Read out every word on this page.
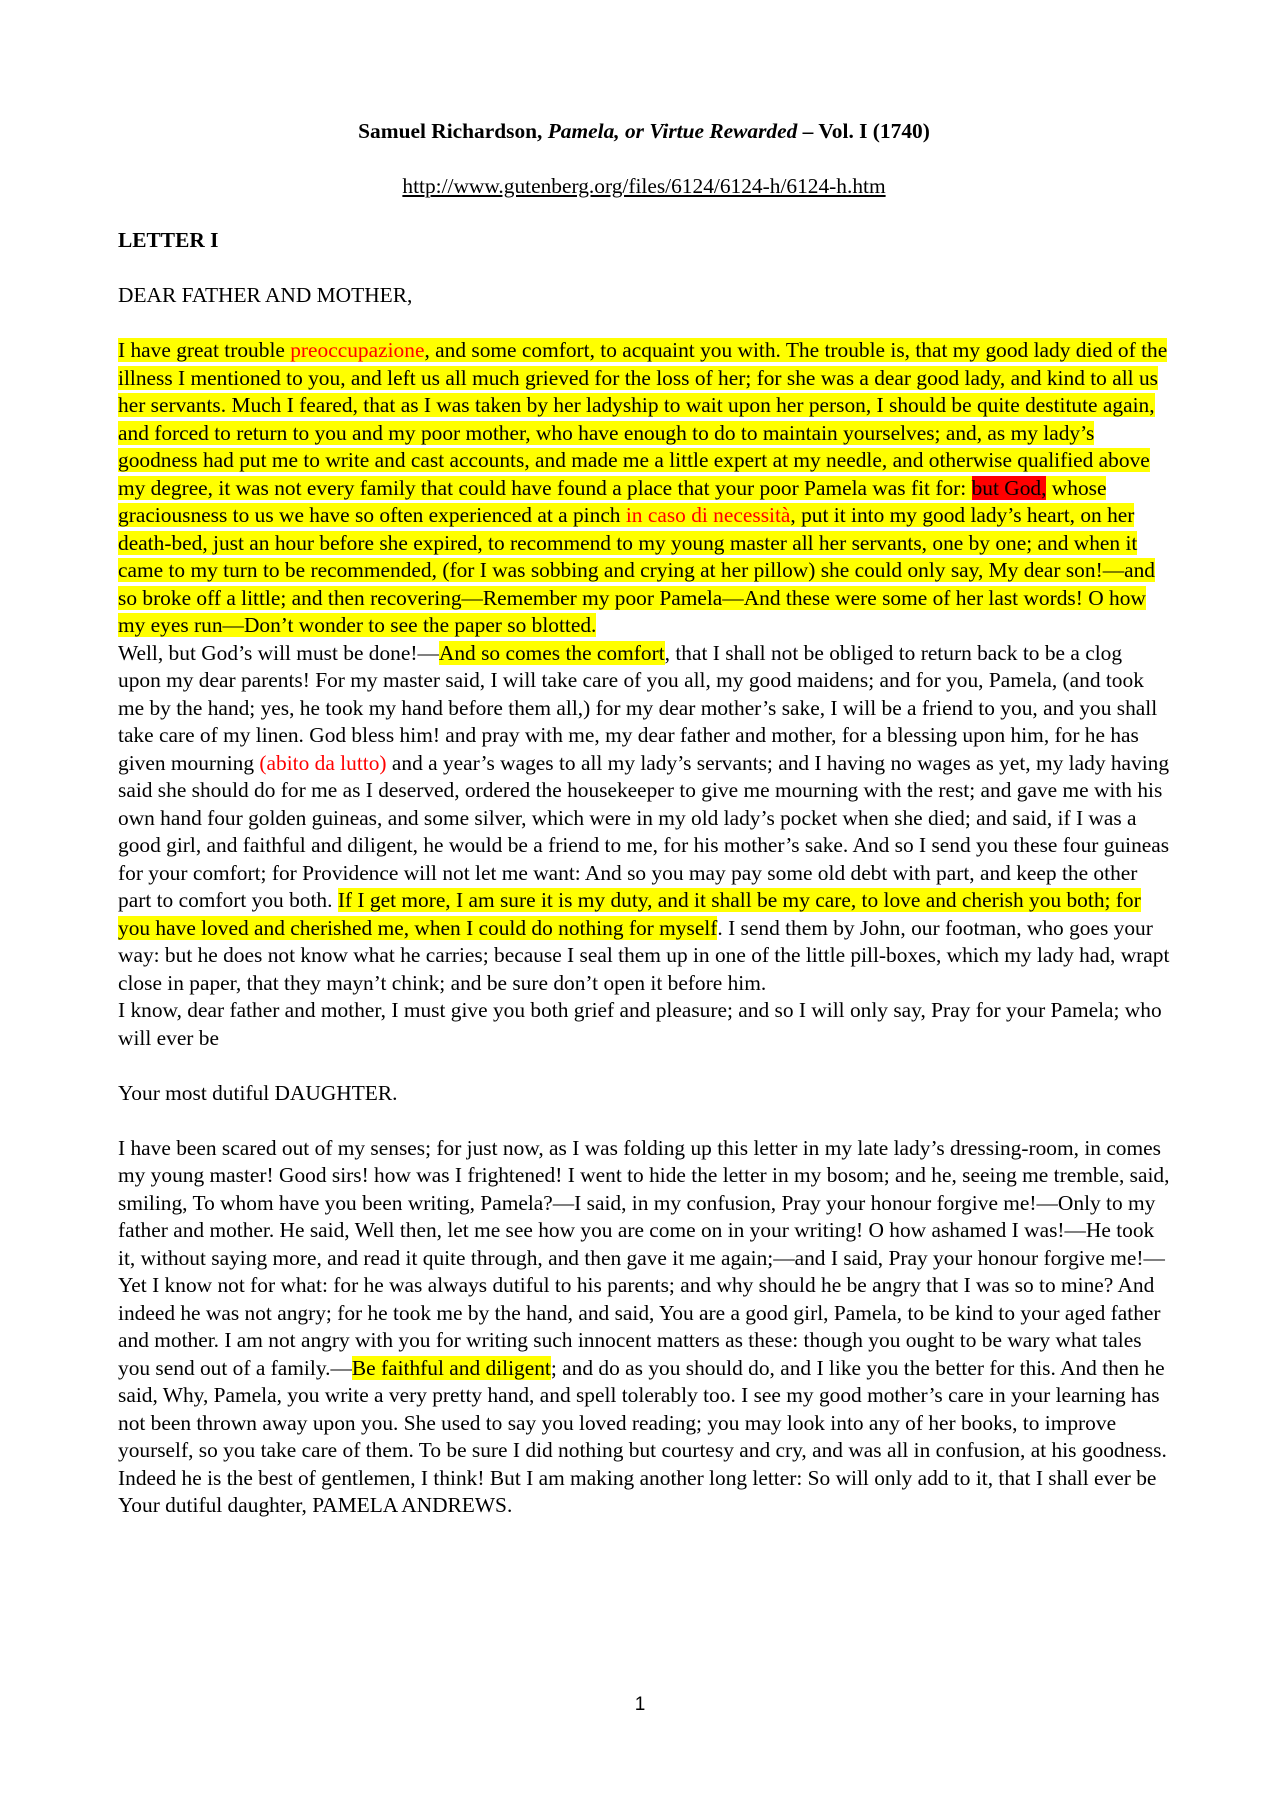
Samuel Richardson, Pamela, or Virtue Rewarded – Vol. I (1740)

http://www.gutenberg.org/files/6124/6124-h/6124-h.htm

LETTER I

DEAR FATHER AND MOTHER,

I have great trouble preoccupazione, and some comfort, to acquaint you with. The trouble is, that my good lady died of the illness I mentioned to you, and left us all much grieved for the loss of her; for she was a dear good lady, and kind to all us her servants. Much I feared, that as I was taken by her ladyship to wait upon her person, I should be quite destitute again, and forced to return to you and my poor mother, who have enough to do to maintain yourselves; and, as my lady’s goodness had put me to write and cast accounts, and made me a little expert at my needle, and otherwise qualified above my degree, it was not every family that could have found a place that your poor Pamela was fit for: but God, whose graciousness to us we have so often experienced at a pinch in caso di necessità, put it into my good lady’s heart, on her death-bed, just an hour before she expired, to recommend to my young master all her servants, one by one; and when it came to my turn to be recommended, (for I was sobbing and crying at her pillow) she could only say, My dear son!—and so broke off a little; and then recovering—Remember my poor Pamela—And these were some of her last words! O how my eyes run—Don’t wonder to see the paper so blotted.

Well, but God’s will must be done!—And so comes the comfort, that I shall not be obliged to return back to be a clog upon my dear parents! For my master said, I will take care of you all, my good maidens; and for you, Pamela, (and took me by the hand; yes, he took my hand before them all,) for my dear mother’s sake, I will be a friend to you, and you shall take care of my linen. God bless him! and pray with me, my dear father and mother, for a blessing upon him, for he has given mourning (abito da lutto) and a year’s wages to all my lady’s servants; and I having no wages as yet, my lady having said she should do for me as I deserved, ordered the housekeeper to give me mourning with the rest; and gave me with his own hand four golden guineas, and some silver, which were in my old lady’s pocket when she died; and said, if I was a good girl, and faithful and diligent, he would be a friend to me, for his mother’s sake. And so I send you these four guineas for your comfort; for Providence will not let me want: And so you may pay some old debt with part, and keep the other part to comfort you both. If I get more, I am sure it is my duty, and it shall be my care, to love and cherish you both; for you have loved and cherished me, when I could do nothing for myself. I send them by John, our footman, who goes your way: but he does not know what he carries; because I seal them up in one of the little pill-boxes, which my lady had, wrapt close in paper, that they mayn’t chink; and be sure don’t open it before him.

I know, dear father and mother, I must give you both grief and pleasure; and so I will only say, Pray for your Pamela; who will ever be

Your most dutiful DAUGHTER.

I have been scared out of my senses; for just now, as I was folding up this letter in my late lady’s dressing-room, in comes my young master! Good sirs! how was I frightened! I went to hide the letter in my bosom; and he, seeing me tremble, said, smiling, To whom have you been writing, Pamela?—I said, in my confusion, Pray your honour forgive me!—Only to my father and mother. He said, Well then, let me see how you are come on in your writing! O how ashamed I was!—He took it, without saying more, and read it quite through, and then gave it me again;—and I said, Pray your honour forgive me!—Yet I know not for what: for he was always dutiful to his parents; and why should he be angry that I was so to mine? And indeed he was not angry; for he took me by the hand, and said, You are a good girl, Pamela, to be kind to your aged father and mother. I am not angry with you for writing such innocent matters as these: though you ought to be wary what tales you send out of a family.—Be faithful and diligent; and do as you should do, and I like you the better for this. And then he said, Why, Pamela, you write a very pretty hand, and spell tolerably too. I see my good mother’s care in your learning has not been thrown away upon you. She used to say you loved reading; you may look into any of her books, to improve yourself, so you take care of them. To be sure I did nothing but courtesy and cry, and was all in confusion, at his goodness. Indeed he is the best of gentlemen, I think! But I am making another long letter: So will only add to it, that I shall ever be Your dutiful daughter, PAMELA ANDREWS.

1
